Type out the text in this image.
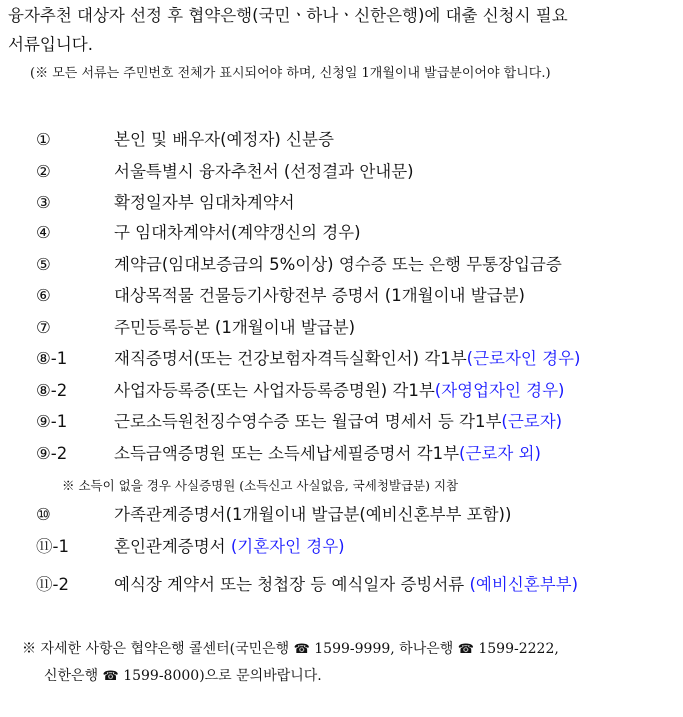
융자추천 대상자 선정 후 협약은행(국민ㆍ하나ㆍ신한은행)에 대출 신청시 필요
서류입니다.
(※ 모든 서류는 주민번호 전체가 표시되어야 하며, 신청일 1개월이내 발급분이어야 합니다.)
①	본인 및 배우자(예정자) 신분증
②	서울특별시 융자추천서 (선정결과 안내문)
③	확정일자부 임대차계약서
④	구 임대차계약서(계약갱신의 경우)
⑤	계약금(임대보증금의 5%이상) 영수증 또는 은행 무통장입금증
⑥	대상목적물 건물등기사항전부 증명서 (1개월이내 발급분)
⑦	주민등록등본 (1개월이내 발급분)
⑧-1	재직증명서(또는 건강보험자격득실확인서) 각1부(근로자인 경우)
⑧-2	사업자등록증(또는 사업자등록증명원) 각1부(자영업자인 경우)
⑨-1	근로소득원천징수영수증 또는 월급여 명세서 등 각1부(근로자)
⑨-2	소득금액증명원 또는 소득세납세필증명서 각1부(근로자 외)
※ 소득이 없을 경우 사실증명원 (소득신고 사실없음, 국세청발급분) 지참
⑩	가족관계증명서(1개월이내 발급분(예비신혼부부 포함))
⑪-1	혼인관계증명서 (기혼자인 경우)
⑪-2	예식장 계약서 또는 청첩장 등 예식일자 증빙서류 (예비신혼부부)
※ 자세한 사항은 협약은행 콜센터(국민은행 ☎ 1599-9999, 하나은행 ☎ 1599-2222,
신한은행 ☎ 1599-8000)으로 문의바랍니다.
